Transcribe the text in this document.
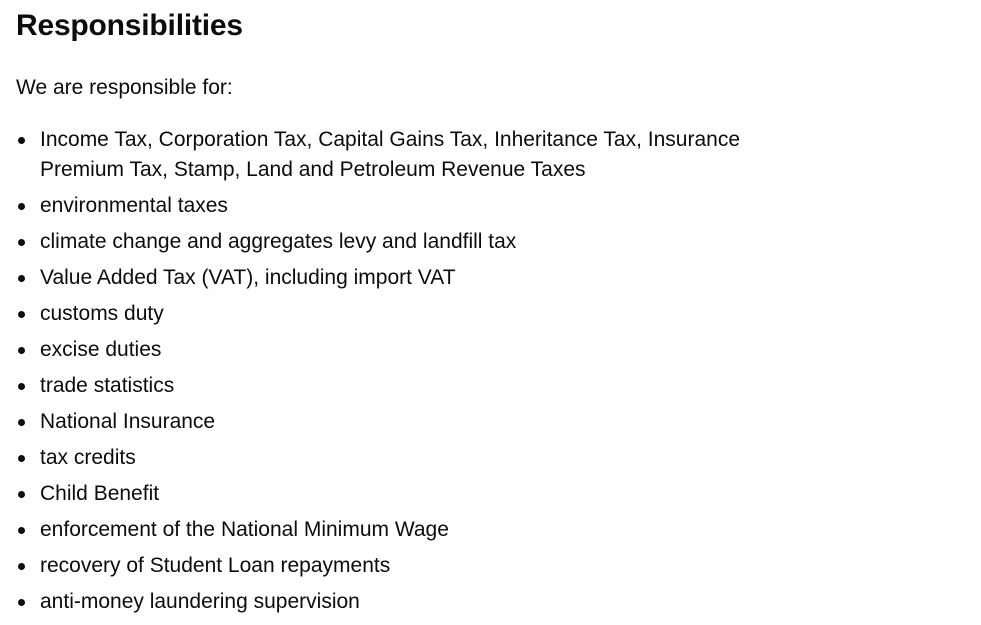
Responsibilities

We are responsible for:

Income Tax, Corporation Tax, Capital Gains Tax, Inheritance Tax, Insurance Premium Tax, Stamp, Land and Petroleum Revenue Taxes
environmental taxes
climate change and aggregates levy and landfill tax
Value Added Tax (VAT), including import VAT
customs duty
excise duties
trade statistics
National Insurance
tax credits
Child Benefit
enforcement of the National Minimum Wage
recovery of Student Loan repayments
anti-money laundering supervision
